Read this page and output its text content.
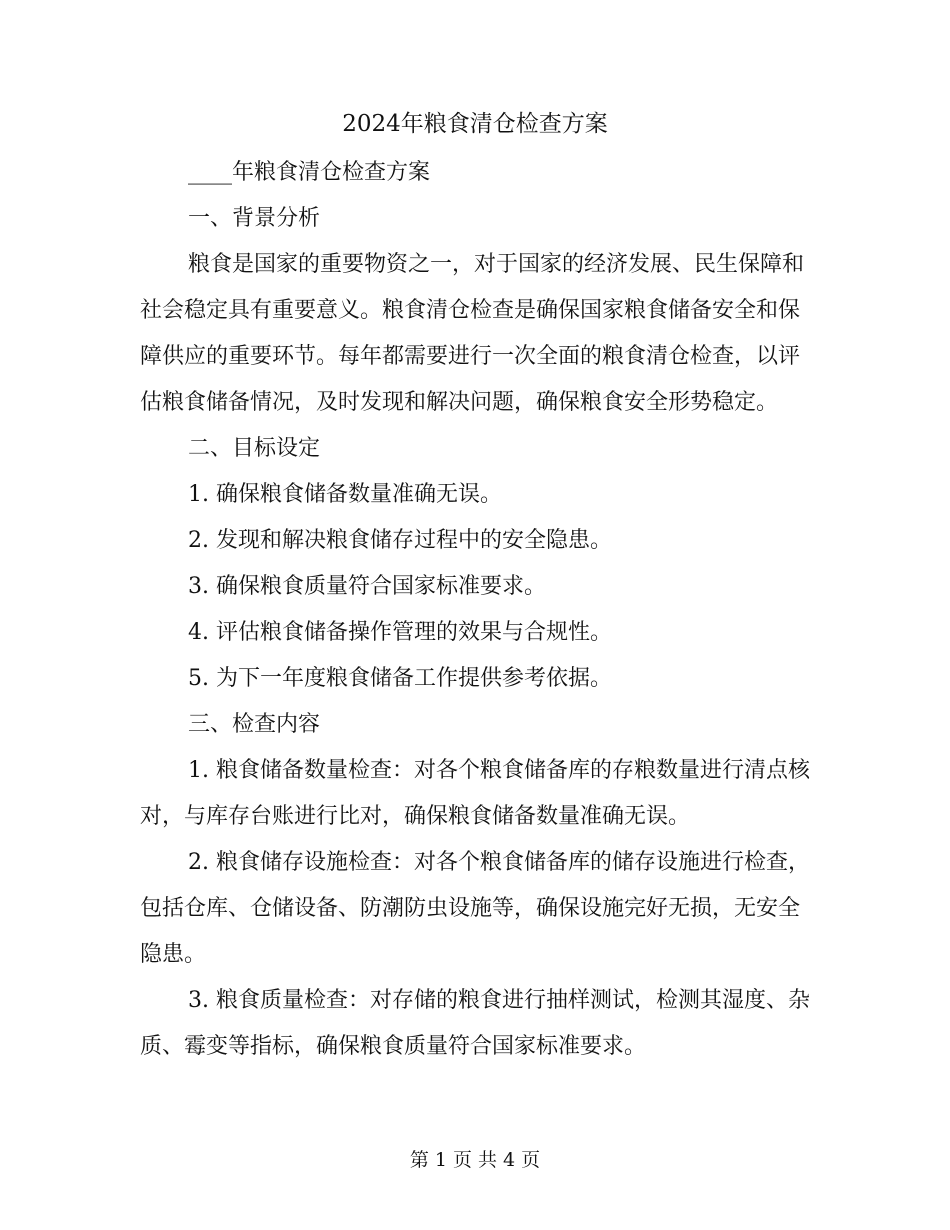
2024年粮食清仓检查方案

____年粮食清仓检查方案

一、背景分析

粮食是国家的重要物资之一，对于国家的经济发展、民生保障和社会稳定具有重要意义。粮食清仓检查是确保国家粮食储备安全和保障供应的重要环节。每年都需要进行一次全面的粮食清仓检查，以评估粮食储备情况，及时发现和解决问题，确保粮食安全形势稳定。

二、目标设定

1. 确保粮食储备数量准确无误。

2. 发现和解决粮食储存过程中的安全隐患。

3. 确保粮食质量符合国家标准要求。

4. 评估粮食储备操作管理的效果与合规性。

5. 为下一年度粮食储备工作提供参考依据。

三、检查内容

1. 粮食储备数量检查：对各个粮食储备库的存粮数量进行清点核对，与库存台账进行比对，确保粮食储备数量准确无误。

2. 粮食储存设施检查：对各个粮食储备库的储存设施进行检查，包括仓库、仓储设备、防潮防虫设施等，确保设施完好无损，无安全隐患。

3. 粮食质量检查：对存储的粮食进行抽样测试，检测其湿度、杂质、霉变等指标，确保粮食质量符合国家标准要求。

第 1 页 共 4 页
